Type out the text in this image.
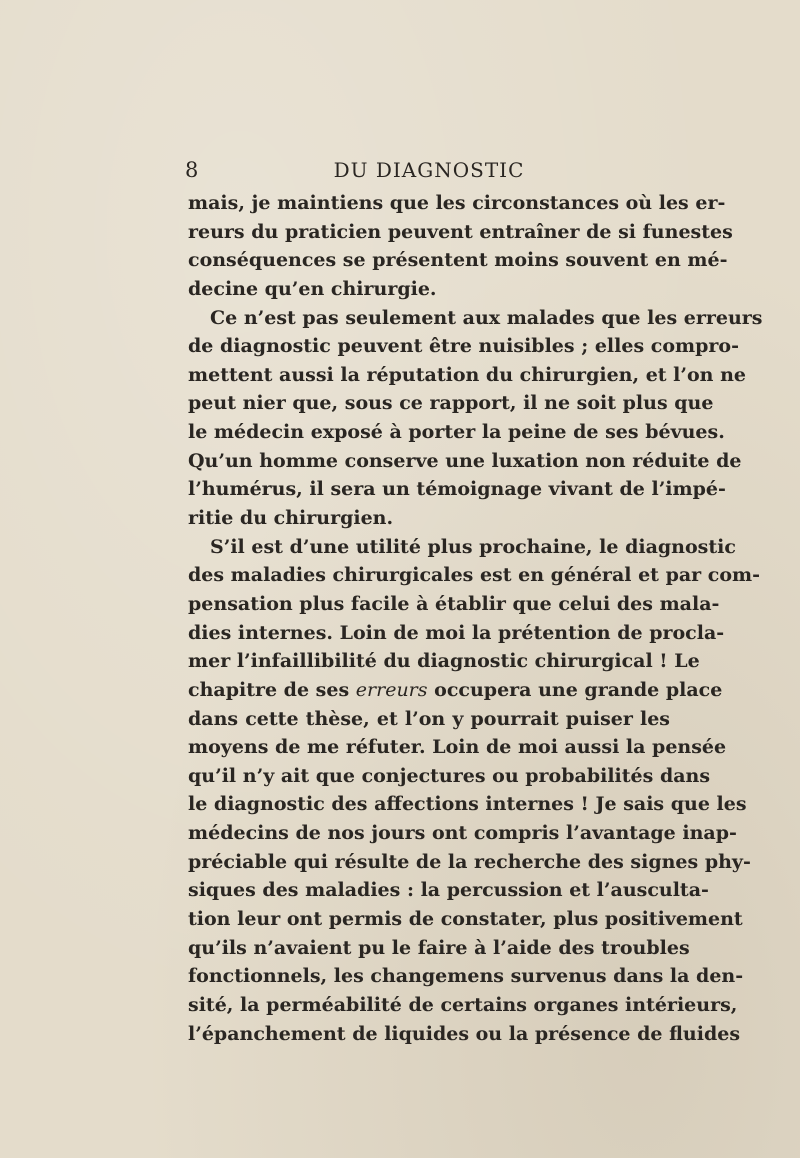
8	DU DIAGNOSTIC
mais, je maintiens que les circonstances où les er-
reurs du praticien peuvent entraîner de si funestes
conséquences se présentent moins souvent en mé-
decine qu’en chirurgie.
Ce n’est pas seulement aux malades que les erreurs
de diagnostic peuvent être nuisibles ; elles compro-
mettent aussi la réputation du chirurgien, et l’on ne
peut nier que, sous ce rapport, il ne soit plus que
le médecin exposé à porter la peine de ses bévues.
Qu’un homme conserve une luxation non réduite de
l’humérus, il sera un témoignage vivant de l’impé-
ritie du chirurgien.
S’il est d’une utilité plus prochaine, le diagnostic
des maladies chirurgicales est en général et par com-
pensation plus facile à établir que celui des mala-
dies internes. Loin de moi la prétention de procla-
mer l’infaillibilité du diagnostic chirurgical ! Le
chapitre de ses erreurs occupera une grande place
dans cette thèse, et l’on y pourrait puiser les
moyens de me réfuter. Loin de moi aussi la pensée
qu’il n’y ait que conjectures ou probabilités dans
le diagnostic des affections internes ! Je sais que les
médecins de nos jours ont compris l’avantage inap-
préciable qui résulte de la recherche des signes phy-
siques des maladies : la percussion et l’ausculta-
tion leur ont permis de constater, plus positivement
qu’ils n’avaient pu le faire à l’aide des troubles
fonctionnels, les changemens survenus dans la den-
sité, la perméabilité de certains organes intérieurs,
l’épanchement de liquides ou la présence de fluides
